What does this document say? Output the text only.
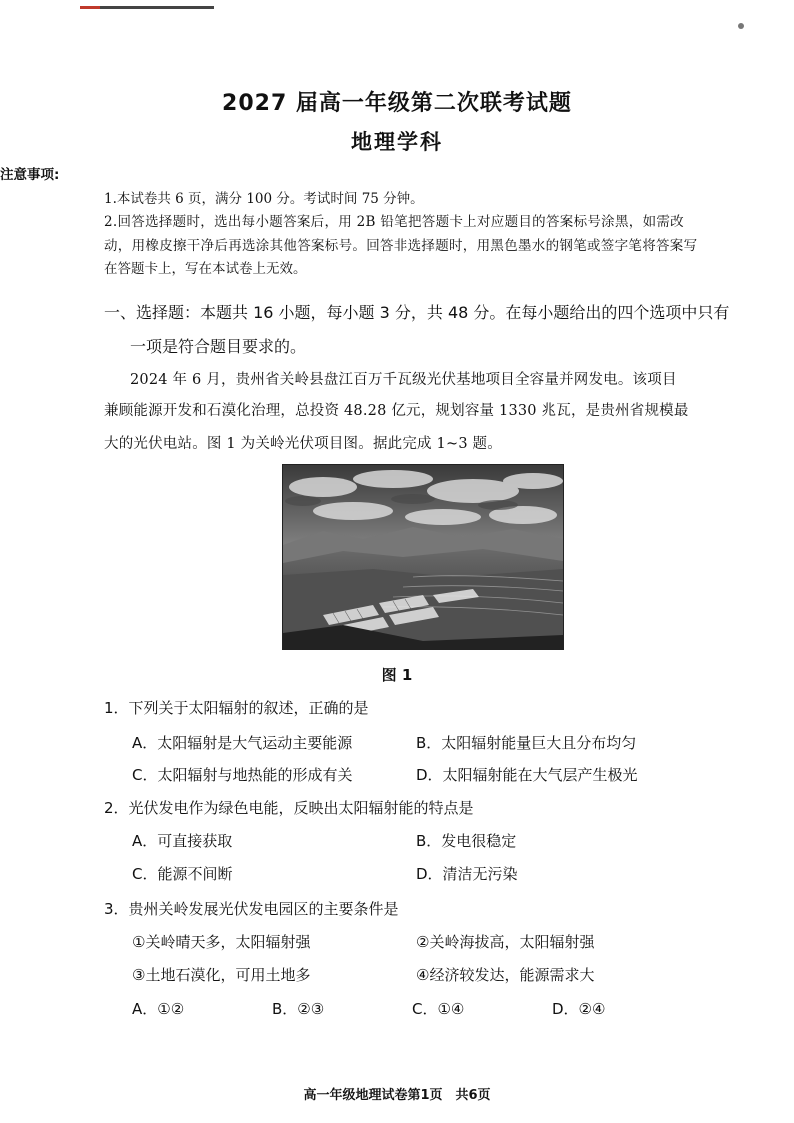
2027 届高一年级第二次联考试题
地理学科
注意事项:
1.本试卷共 6 页，满分 100 分。考试时间 75 分钟。
2.回答选择题时，选出每小题答案后，用 2B 铅笔把答题卡上对应题目的答案标号涂黑，如需改
动，用橡皮擦干净后再选涂其他答案标号。回答非选择题时，用黑色墨水的钢笔或签字笔将答案写
在答题卡上，写在本试卷上无效。
一、选择题：本题共 16 小题，每小题 3 分，共 48 分。在每小题给出的四个选项中只有
一项是符合题目要求的。
2024 年 6 月，贵州省关岭县盘江百万千瓦级光伏基地项目全容量并网发电。该项目
兼顾能源开发和石漠化治理，总投资 48.28 亿元，规划容量 1330 兆瓦，是贵州省规模最
大的光伏电站。图 1 为关岭光伏项目图。据此完成 1~3 题。
图 1
1．下列关于太阳辐射的叙述，正确的是
A．太阳辐射是大气运动主要能源	B．太阳辐射能量巨大且分布均匀
C．太阳辐射与地热能的形成有关	D．太阳辐射能在大气层产生极光
2．光伏发电作为绿色电能，反映出太阳辐射能的特点是
A．可直接获取	B．发电很稳定
C．能源不间断	D．清洁无污染
3．贵州关岭发展光伏发电园区的主要条件是
①关岭晴天多，太阳辐射强	②关岭海拔高，太阳辐射强
③土地石漠化，可用土地多	④经济较发达，能源需求大
A．①②	B．②③	C．①④	D．②④
高一年级地理试卷第1页　共6页
